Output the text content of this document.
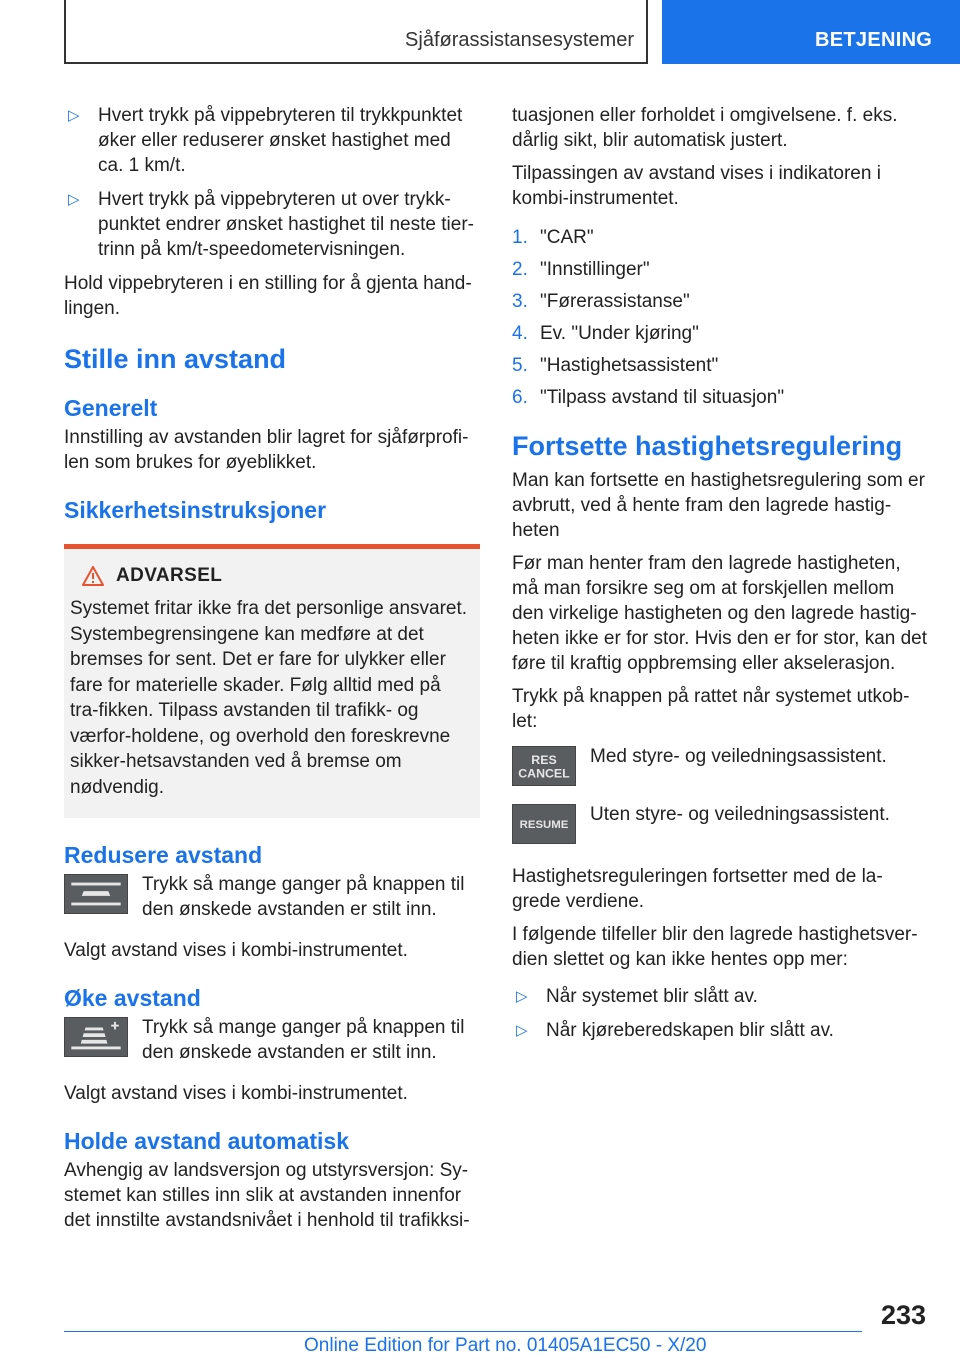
Sjåførassistansesystemer	BETJENING
▷ Hvert trykk på vippebryteren til trykkpunktet øker eller reduserer ønsket hastighet med ca. 1 km/t.
▷ Hvert trykk på vippebryteren ut over trykk-punktet endrer ønsket hastighet til neste tier-trinn på km/t-speedometervisningen.

Hold vippebryteren i en stilling for å gjenta hand-lingen.

Stille inn avstand
Generelt

Innstilling av avstanden blir lagret for sjåførprofi-len som brukes for øyeblikket.

Sikkerhetsinstruksjoner
ADVARSEL

Systemet fritar ikke fra det personlige ansvaret. Systembegrensingene kan medføre at det bremses for sent. Det er fare for ulykker eller fare for materielle skader. Følg alltid med på tra-fikken. Tilpass avstanden til trafikk- og værfor-holdene, og overhold den foreskrevne sikker-hetsavstanden ved å bremse om nødvendig.

Redusere avstand
Trykk så mange ganger på knappen til den ønskede avstanden er stilt inn.

Valgt avstand vises i kombi-instrumentet.

Øke avstand
Trykk så mange ganger på knappen til den ønskede avstanden er stilt inn.

Valgt avstand vises i kombi-instrumentet.

Holde avstand automatisk

Avhengig av landsversjon og utstyrsversjon: Sy-stemet kan stilles inn slik at avstanden innenfor det innstilte avstandsnivået i henhold til trafikksi-

tuasjonen eller forholdet i omgivelsene. f. eks. dårlig sikt, blir automatisk justert.

Tilpassingen av avstand vises i indikatoren i kombi-instrumentet.

1. "CAR"
2. "Innstillinger"
3. "Førerassistanse"
4. Ev. "Under kjøring"
5. "Hastighetsassistent"
6. "Tilpass avstand til situasjon"
Fortsette hastighetsregulering

Man kan fortsette en hastighetsregulering som er avbrutt, ved å hente fram den lagrede hastig-heten

Før man henter fram den lagrede hastigheten, må man forsikre seg om at forskjellen mellom den virkelige hastigheten og den lagrede hastig-heten ikke er for stor. Hvis den er for stor, kan det føre til kraftig oppbremsing eller akselerasjon.

Trykk på knappen på rattet når systemet utkob-let:

RES
CANCEL
Med styre- og veiledningsassistent.
RESUME Uten styre- og veiledningsassistent.

Hastighetsreguleringen fortsetter med de la-grede verdiene.

I følgende tilfeller blir den lagrede hastighetsver-dien slettet og kan ikke hentes opp mer:

▷ Når systemet blir slått av.
▷ Når kjøreberedskapen blir slått av.
233
Online Edition for Part no. 01405A1EC50 - X/20
